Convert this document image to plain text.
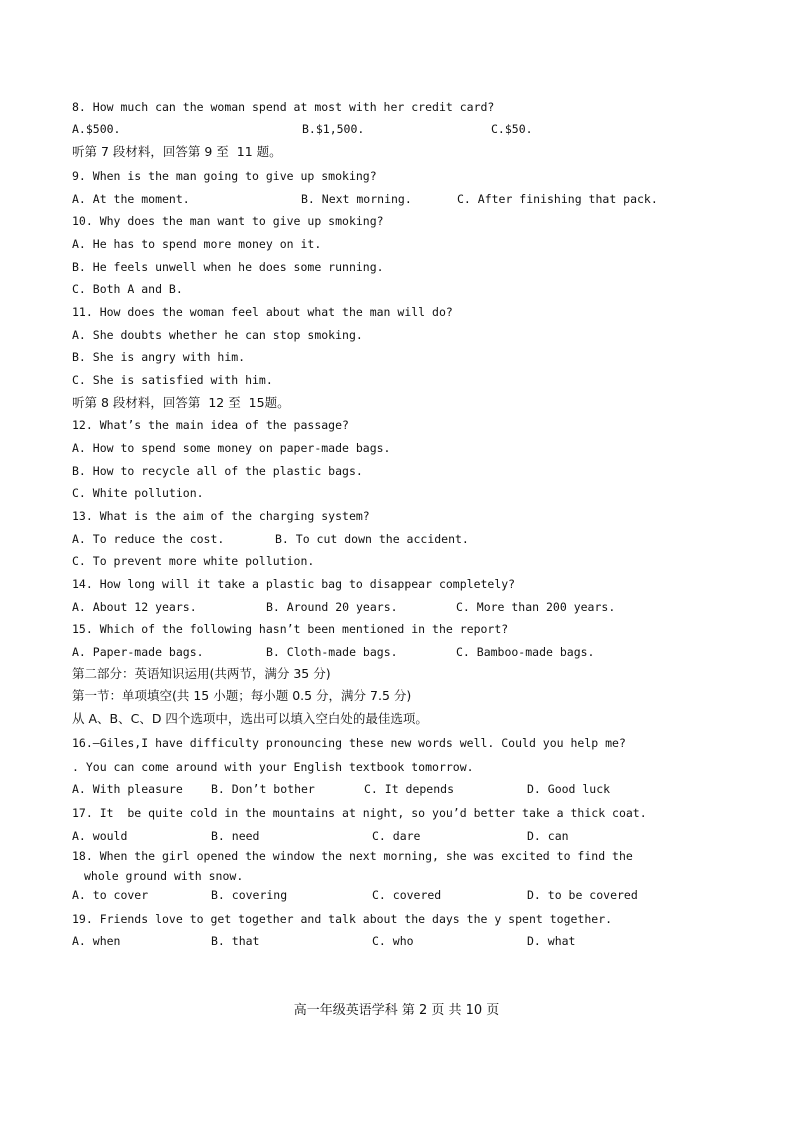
8. How much can the woman spend at most with her credit card?
A.$500.	B.$1,500.	C.$50.
听第 7 段材料，回答第 9 至  11 题。
9. When is the man going to give up smoking?
A. At the moment.	B. Next morning.	C. After finishing that pack.
10. Why does the man want to give up smoking?
A. He has to spend more money on it.
B. He feels unwell when he does some running.
C. Both A and B.
11. How does the woman feel about what the man will do?
A. She doubts whether he can stop smoking.
B. She is angry with him.
C. She is satisfied with him.
听第 8 段材料，回答第  12 至  15题。
12. What’s the main idea of the passage?
A. How to spend some money on paper-made bags.
B. How to recycle all of the plastic bags.
C. White pollution.
13. What is the aim of the charging system?
A. To reduce the cost.	B. To cut down the accident.
C. To prevent more white pollution.
14. How long will it take a plastic bag to disappear completely?
A. About 12 years.	B. Around 20 years.	C. More than 200 years.
15. Which of the following hasn’t been mentioned in the report?
A. Paper-made bags.	B. Cloth-made bags.	C. Bamboo-made bags.
第二部分：英语知识运用(共两节，满分 35 分)
第一节：单项填空(共 15 小题；每小题 0.5 分，满分 7.5 分)
从 A、B、C、D 四个选项中，选出可以填入空白处的最佳选项。
16.—Giles,I have difficulty pronouncing these new words well. Could you help me?
. You can come around with your English textbook tomorrow.
A. With pleasure B. Don’t bother	C. It depends	D. Good luck
17. It  be quite cold in the mountains at night, so you’d better take a thick coat.
A. would	B. need	C. dare	D. can
18. When the girl opened the window the next morning, she was excited to find the
whole ground with snow.
A. to cover	B. covering	C. covered	D. to be covered
19. Friends love to get together and talk about the days the y spent together.
A. when	B. that	C. who	D. what
高一年级英语学科 第 2 页 共 10 页
